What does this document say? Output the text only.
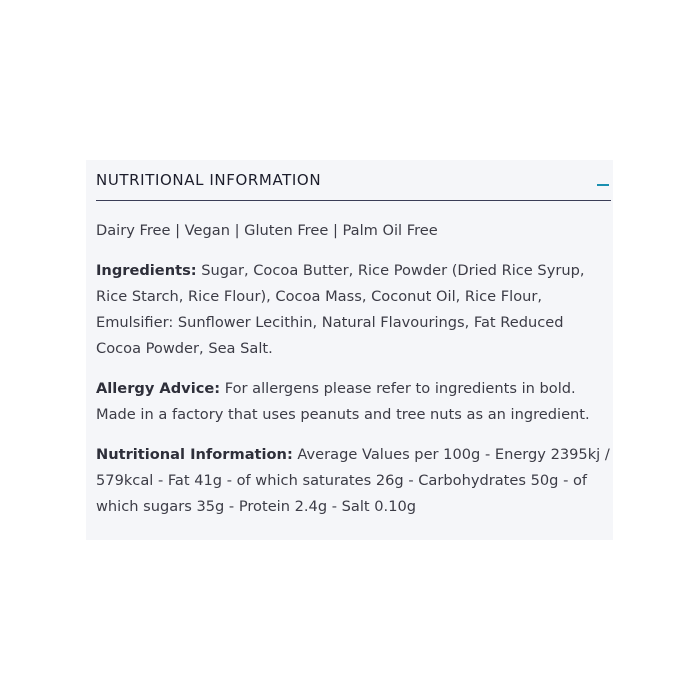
NUTRITIONAL INFORMATION

Dairy Free | Vegan | Gluten Free | Palm Oil Free

Ingredients: Sugar, Cocoa Butter, Rice Powder (Dried Rice Syrup, Rice Starch, Rice Flour), Cocoa Mass, Coconut Oil, Rice Flour, Emulsifier: Sunflower Lecithin, Natural Flavourings, Fat Reduced Cocoa Powder, Sea Salt.

Allergy Advice: For allergens please refer to ingredients in bold. Made in a factory that uses peanuts and tree nuts as an ingredient.

Nutritional Information: Average Values per 100g - Energy 2395kj / 579kcal - Fat 41g - of which saturates 26g - Carbohydrates 50g - of which sugars 35g - Protein 2.4g - Salt 0.10g
